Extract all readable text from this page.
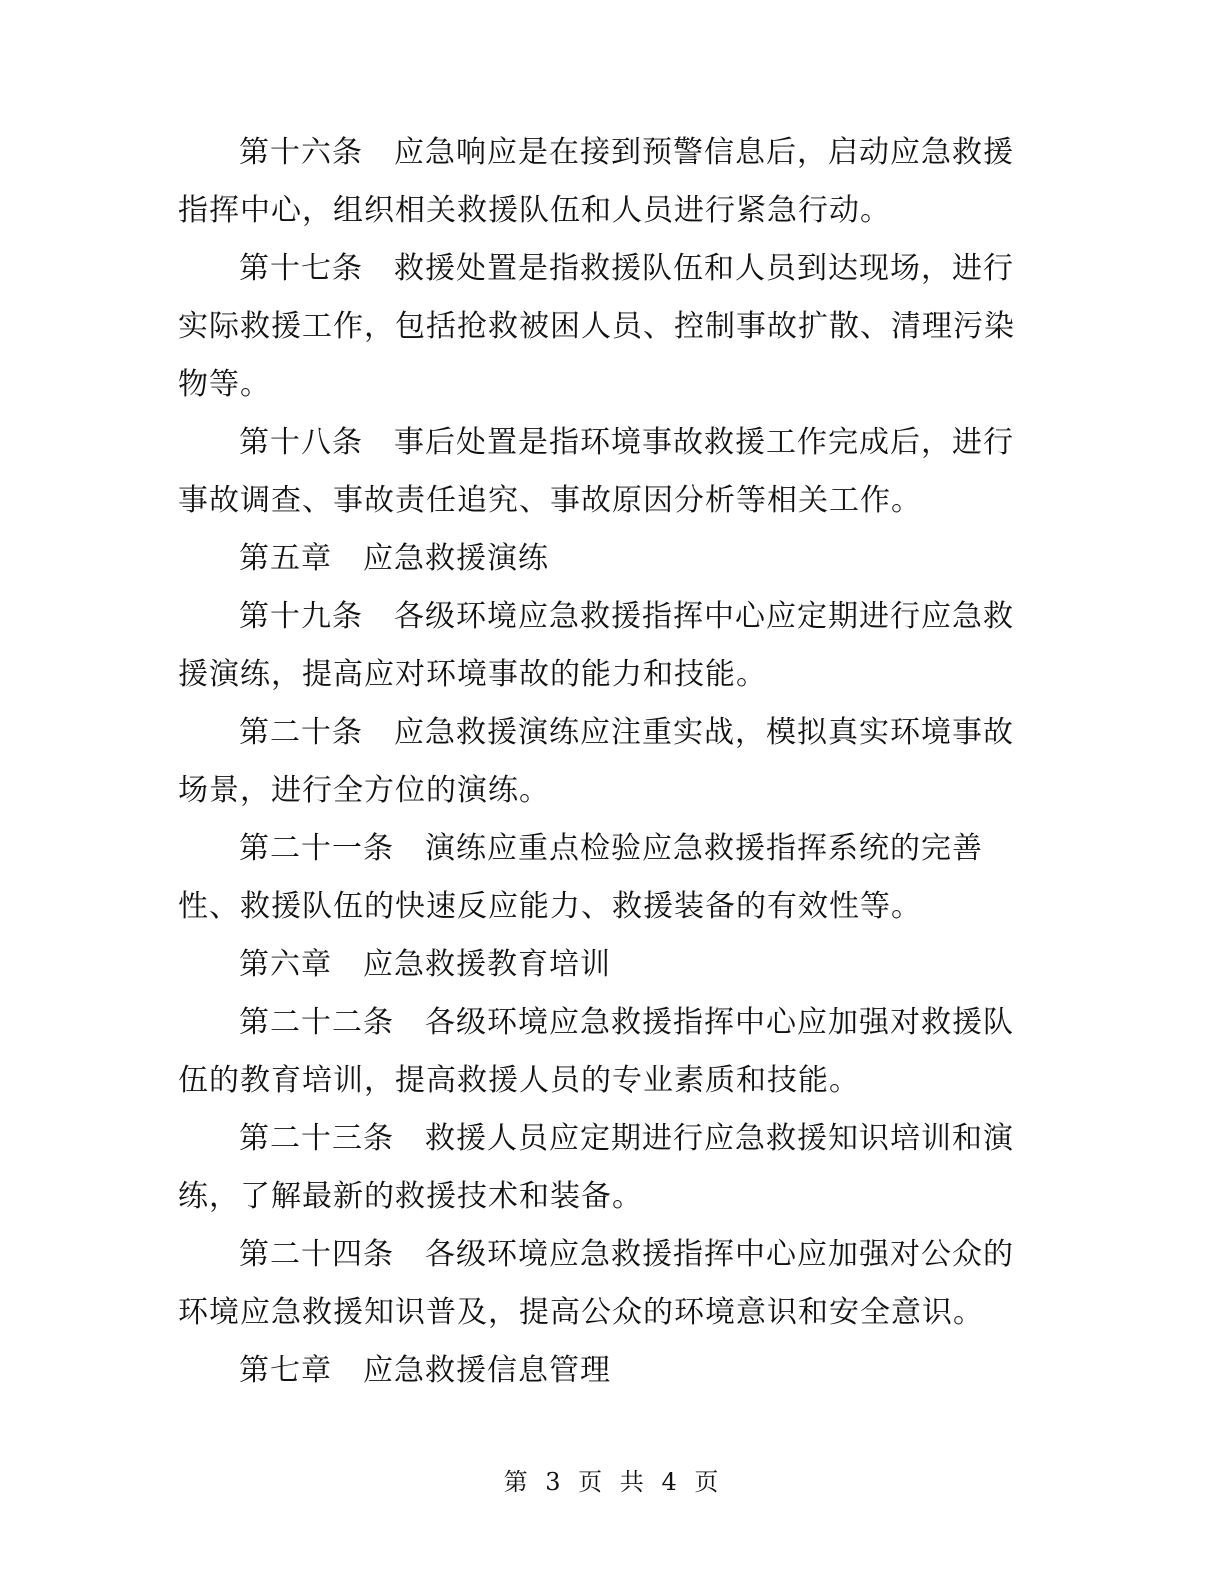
第十六条　应急响应是在接到预警信息后，启动应急救援指挥中心，组织相关救援队伍和人员进行紧急行动。

第十七条　救援处置是指救援队伍和人员到达现场，进行实际救援工作，包括抢救被困人员、控制事故扩散、清理污染物等。

第十八条　事后处置是指环境事故救援工作完成后，进行事故调查、事故责任追究、事故原因分析等相关工作。

第五章　应急救援演练

第十九条　各级环境应急救援指挥中心应定期进行应急救援演练，提高应对环境事故的能力和技能。

第二十条　应急救援演练应注重实战，模拟真实环境事故场景，进行全方位的演练。

第二十一条　演练应重点检验应急救援指挥系统的完善性、救援队伍的快速反应能力、救援装备的有效性等。

第六章　应急救援教育培训

第二十二条　各级环境应急救援指挥中心应加强对救援队伍的教育培训，提高救援人员的专业素质和技能。

第二十三条　救援人员应定期进行应急救援知识培训和演练，了解最新的救援技术和装备。

第二十四条　各级环境应急救援指挥中心应加强对公众的环境应急救援知识普及，提高公众的环境意识和安全意识。

第七章　应急救援信息管理

第 3 页 共 4 页
